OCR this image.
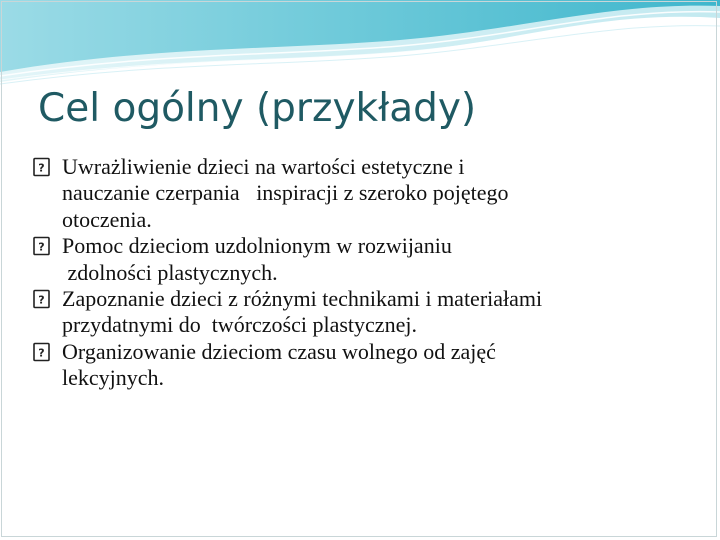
Cel ogólny (przykłady)
? Uwrażliwienie dzieci na wartości estetyczne i
nauczanie czerpania   inspiracji z szeroko pojętego
otoczenia.
? Pomoc dzieciom uzdolnionym w rozwijaniu
zdolności plastycznych.
? Zapoznanie dzieci z różnymi technikami i materiałami
przydatnymi do  twórczości plastycznej.
? Organizowanie dzieciom czasu wolnego od zajęć
lekcyjnych.
